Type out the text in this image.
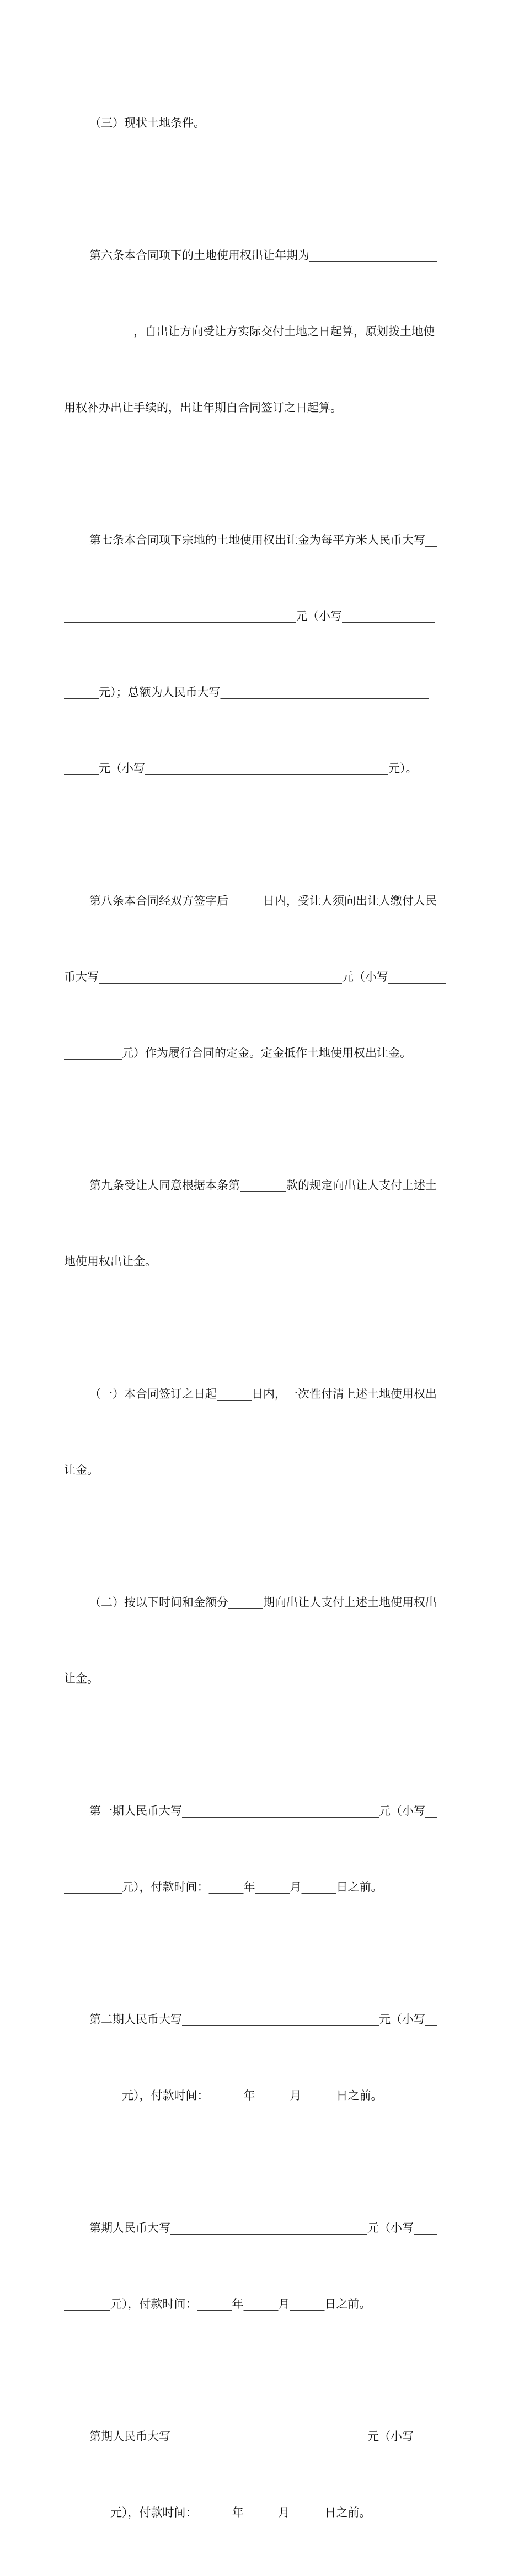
（三）现状土地条件。

第六条本合同项下的土地使用权出让年期为______________________

____________，自出让方向受让方实际交付土地之日起算，原划拨土地使

用权补办出让手续的，出让年期自合同签订之日起算。

第七条本合同项下宗地的土地使用权出让金为每平方米人民币大写__

________________________________________元（小写________________

______元）；总额为人民币大写____________________________________

______元（小写__________________________________________元）。

第八条本合同经双方签字后______日内，受让人须向出让人缴付人民

币大写__________________________________________元（小写__________

__________元）作为履行合同的定金。定金抵作土地使用权出让金。

第九条受让人同意根据本条第________款的规定向出让人支付上述土

地使用权出让金。

（一）本合同签订之日起______日内，一次性付清上述土地使用权出

让金。

（二）按以下时间和金额分______期向出让人支付上述土地使用权出

让金。

第一期人民币大写__________________________________元（小写__

__________元），付款时间：______年______月______日之前。

第二期人民币大写__________________________________元（小写__

__________元），付款时间：______年______月______日之前。

第期人民币大写__________________________________元（小写____

________元），付款时间：______年______月______日之前。

第期人民币大写__________________________________元（小写____

________元），付款时间：______年______月______日之前。
